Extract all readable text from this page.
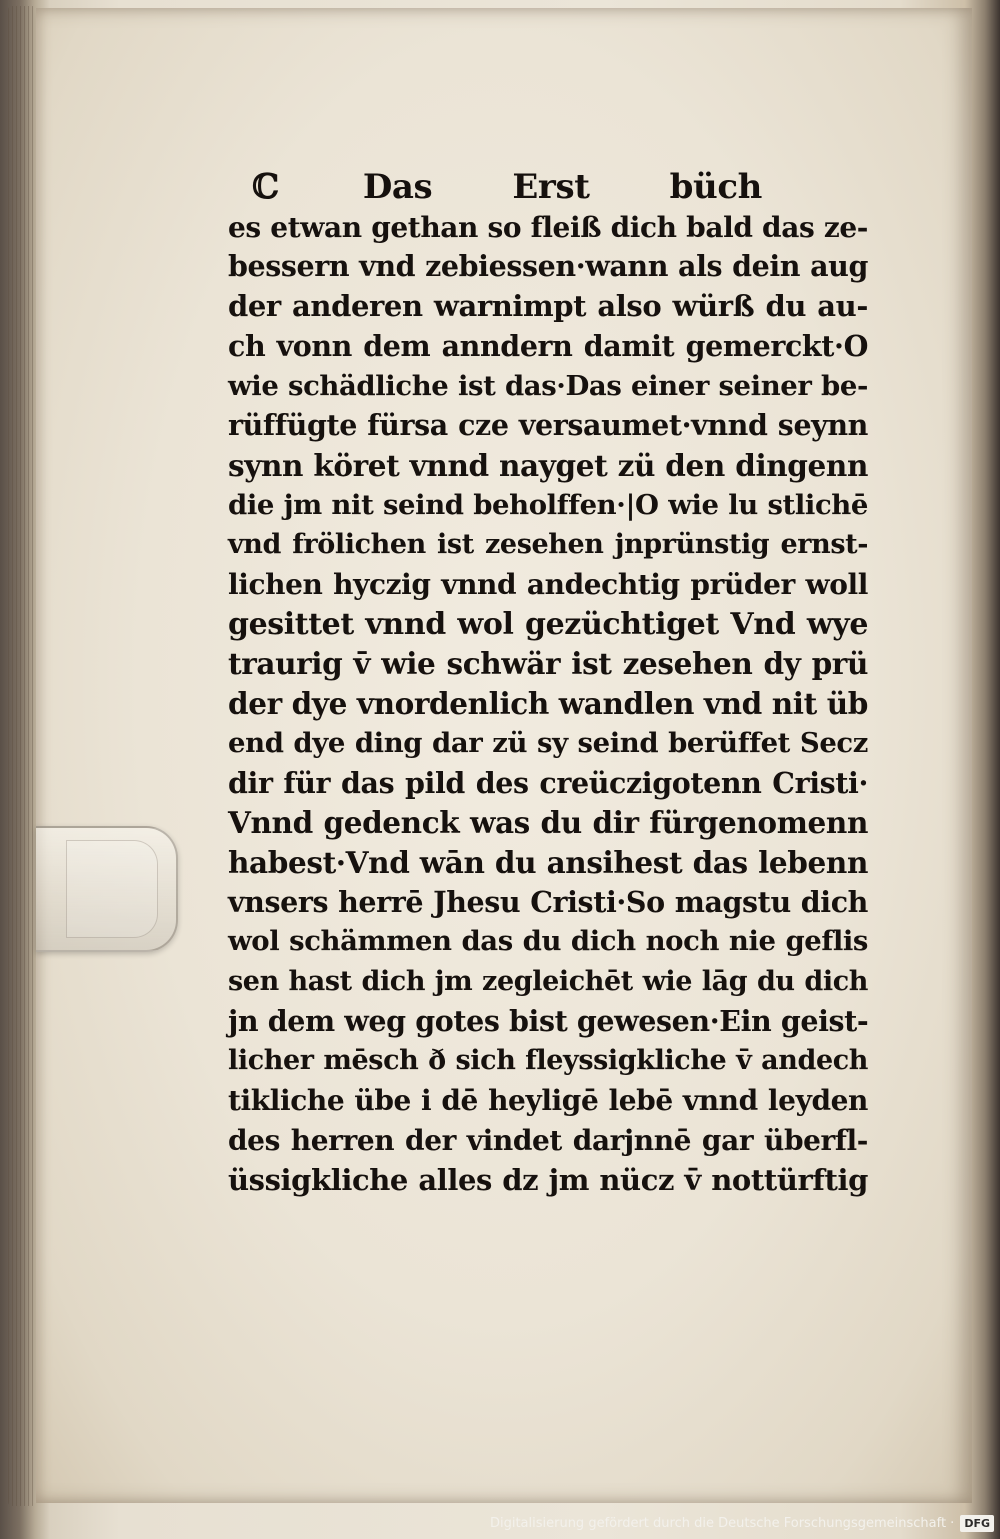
ℂ Das Erst büch
es etwan gethan so fleiß dich bald das ze-
bessern vnd zebiessen·wann als dein aug
der anderen warnimpt also würß du au-
ch vonn dem anndern damit gemerckt·O
wie schädliche ist das·Das einer seiner be-
rüffügte fürsa cze versaumet·vnnd seynn
synn köret vnnd nayget zü den dingenn
die jm nit seind beholffen·|O wie lu stlichē
vnd frölichen ist zesehen jnprünstig ernst-
lichen hyczig vnnd andechtig prüder woll
gesittet vnnd wol gezüchtiget Vnd wye
traurig v̄̄ wie schwär ist zesehen dy prü
der dye vnordenlich wandlen vnd nit üb
end dye ding dar zü sy seind berüffet Secz
dir für das pild des creüczigotenn Cristi·
Vnnd gedenck was du dir fürgenomenn
habest·Vnd wān du ansihest das lebenn
vnsers herrē Jhesu Cristi·So magstu dich
wol schämmen das du dich noch nie geflis
sen hast dich jm zegleichēt wie lāg du dich
jn dem weg gotes bist gewesen·Ein geist-
licher mēsch ð sich fleyssigkliche v̄̄ andech
tikliche übe i dē heyligē lebē vnnd leyden
des herren der vindet darjnnē gar überfl-
üssigkliche alles dz jm nücz v̄̄ nottürftig
Digitalisierung gefördert durch die Deutsche Forschungsgemeinschaft · DFG
